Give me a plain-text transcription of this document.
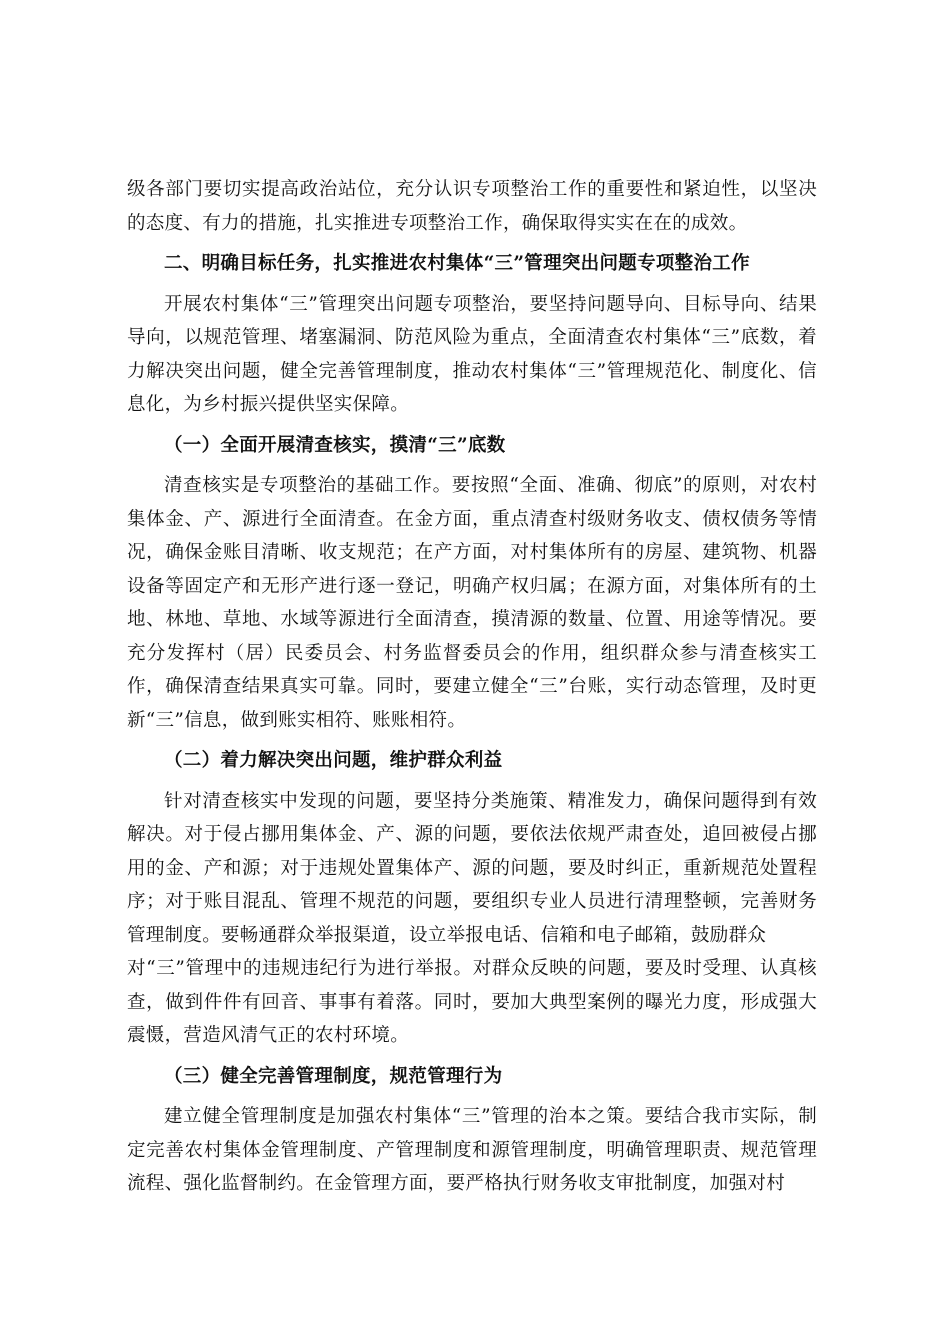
级各部门要切实提高政治站位，充分认识专项整治工作的重要性和紧迫性，以坚决的态度、有力的措施，扎实推进专项整治工作，确保取得实实在在的成效。

二、明确目标任务，扎实推进农村集体“三”管理突出问题专项整治工作

开展农村集体“三”管理突出问题专项整治，要坚持问题导向、目标导向、结果导向，以规范管理、堵塞漏洞、防范风险为重点，全面清查农村集体“三”底数，着力解决突出问题，健全完善管理制度，推动农村集体“三”管理规范化、制度化、信息化，为乡村振兴提供坚实保障。

（一）全面开展清查核实，摸清“三”底数

清查核实是专项整治的基础工作。要按照“全面、准确、彻底”的原则，对农村集体金、产、源进行全面清查。在金方面，重点清查村级财务收支、债权债务等情况，确保金账目清晰、收支规范；在产方面，对村集体所有的房屋、建筑物、机器设备等固定产和无形产进行逐一登记，明确产权归属；在源方面，对集体所有的土地、林地、草地、水域等源进行全面清查，摸清源的数量、位置、用途等情况。要充分发挥村（居）民委员会、村务监督委员会的作用，组织群众参与清查核实工作，确保清查结果真实可靠。同时，要建立健全“三”台账，实行动态管理，及时更新“三”信息，做到账实相符、账账相符。

（二）着力解决突出问题，维护群众利益

针对清查核实中发现的问题，要坚持分类施策、精准发力，确保问题得到有效解决。对于侵占挪用集体金、产、源的问题，要依法依规严肃查处，追回被侵占挪用的金、产和源；对于违规处置集体产、源的问题，要及时纠正，重新规范处置程序；对于账目混乱、管理不规范的问题，要组织专业人员进行清理整顿，完善财务管理制度。要畅通群众举报渠道，设立举报电话、信箱和电子邮箱，鼓励群众

对“三”管理中的违规违纪行为进行举报。对群众反映的问题，要及时受理、认真核查，做到件件有回音、事事有着落。同时，要加大典型案例的曝光力度，形成强大震慑，营造风清气正的农村环境。

（三）健全完善管理制度，规范管理行为

建立健全管理制度是加强农村集体“三”管理的治本之策。要结合我市实际，制定完善农村集体金管理制度、产管理制度和源管理制度，明确管理职责、规范管理流程、强化监督制约。在金管理方面，要严格执行财务收支审批制度，加强对村
